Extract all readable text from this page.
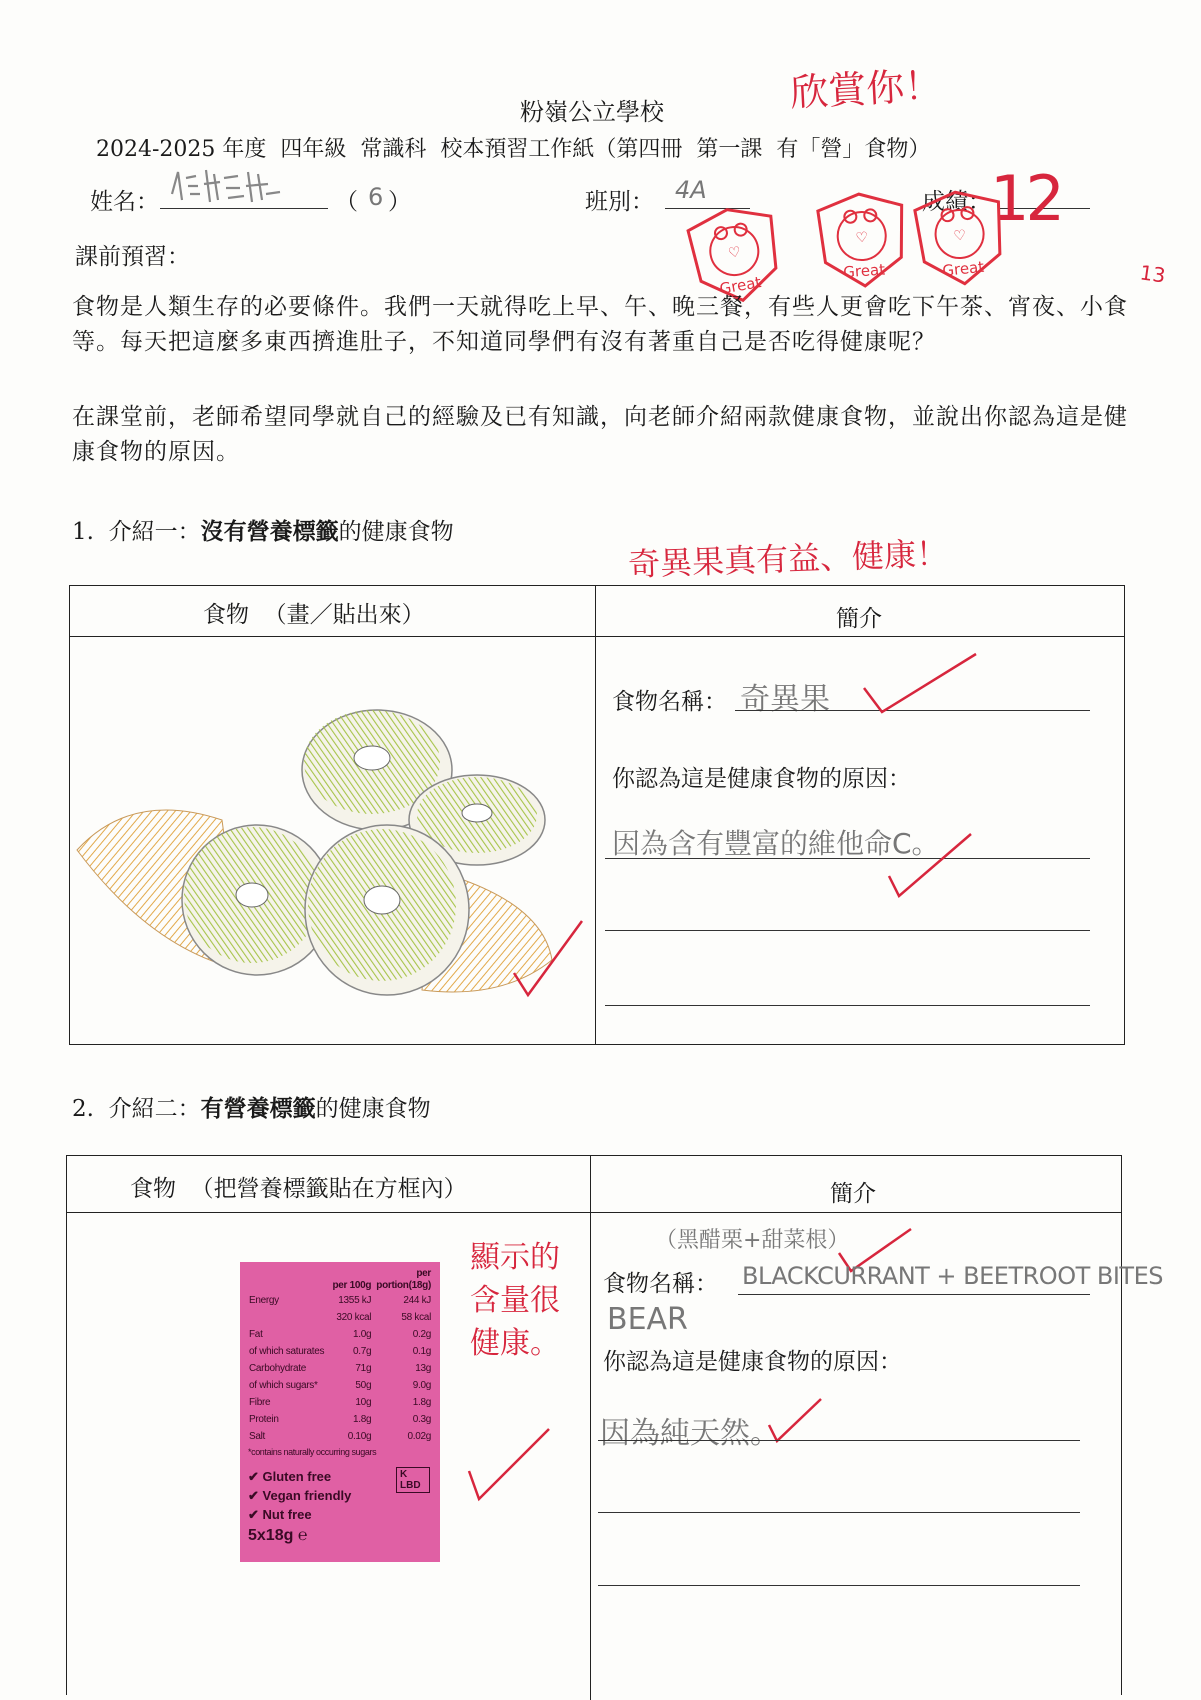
粉嶺公立學校
2024-2025 年度  四年級  常識科  校本預習工作紙（第四冊  第一課  有「營」食物）
欣賞你！
姓名：	（ 6 ）	班別： 4A	成績： 12
13
♡
Great
♡
Great
♡
Great
課前預習：
食物是人類生存的必要條件。我們一天就得吃上早、午、晚三餐，有些人更會吃下午茶、宵夜、小食等。每天把這麼多東西擠進肚子，不知道同學們有沒有著重自己是否吃得健康呢？
在課堂前，老師希望同學就自己的經驗及已有知識，向老師介紹兩款健康食物，並說出你認為這是健康食物的原因。
1.  介紹一：沒有營養標籤的健康食物
奇異果真有益、健康！
食物  （畫／貼出來）	簡介
食物名稱： 奇異果
你認為這是健康食物的原因：
因為含有豐富的維他命C。
2.  介紹二：有營養標籤的健康食物
食物  （把營養標籤貼在方框內）	簡介
		per
	per 100g	portion(18g)
Energy	1355 kJ	244 kJ
	320 kcal	58 kcal
Fat	1.0g	0.2g
of which saturates	0.7g	0.1g
Carbohydrate	71g	13g
of which sugars*	50g	9.0g
Fibre	10g	1.8g
Protein	1.8g	0.3g
Salt	0.10g	0.02g
*contains naturally occurring sugars
✔ Gluten free
✔ Vegan friendly
✔ Nut free
K LBD
5x18g ℮
顯示的
含量很
健康。
（黑醋栗+甜菜根）
食物名稱： BLACKCURRANT + BEETROOT BITES
BEAR
你認為這是健康食物的原因：
因為純天然。
